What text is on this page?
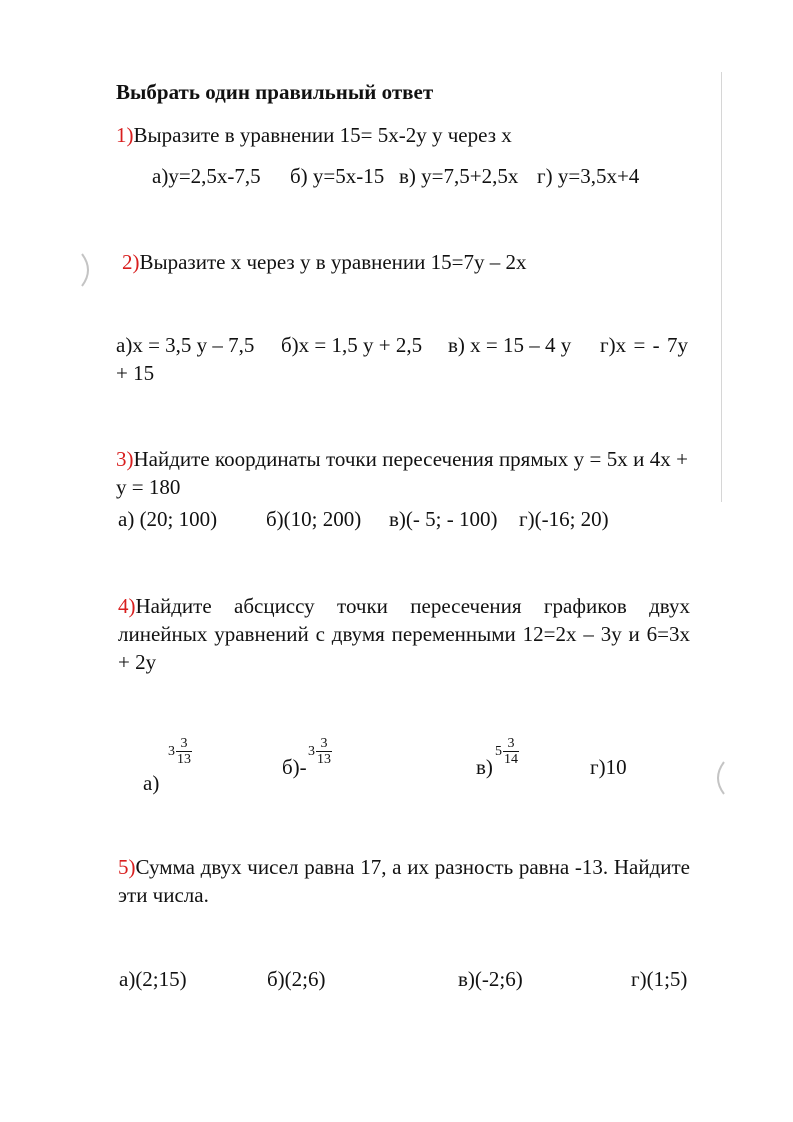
Выбрать один правильный ответ
1)Выразите в уравнении 15= 5х-2у у через х
а)у=2,5х-7,5 б) у=5х-15 в) у=7,5+2,5х г) у=3,5х+4
2)Выразите х через у в уравнении 15=7у – 2х
а)х = 3,5 у – 7,5 б)х = 1,5 у + 2,5 в) х = 15 – 4 у	г)х = - 7у + 15
3)Найдите координаты точки пересечения прямых у = 5х и 4х + у = 180
а) (20; 100) б)(10; 200) в)(- 5; - 100) г)(-16; 20)
4)Найдите абсциссу точки пересечения графиков двух линейных уравнений с двумя переменными 12=2х – 3у и 6=3х + 2у
а)
$3 \frac{3}{13}$	б)-
$3 \frac{3}{13}$	в)
$5 \frac{3}{14}$	г)10
5)Сумма двух чисел равна 17, а их разность равна -13. Найдите эти числа.
а)(2;15)	б)(2;6)	в)(-2;6)	г)(1;5)
